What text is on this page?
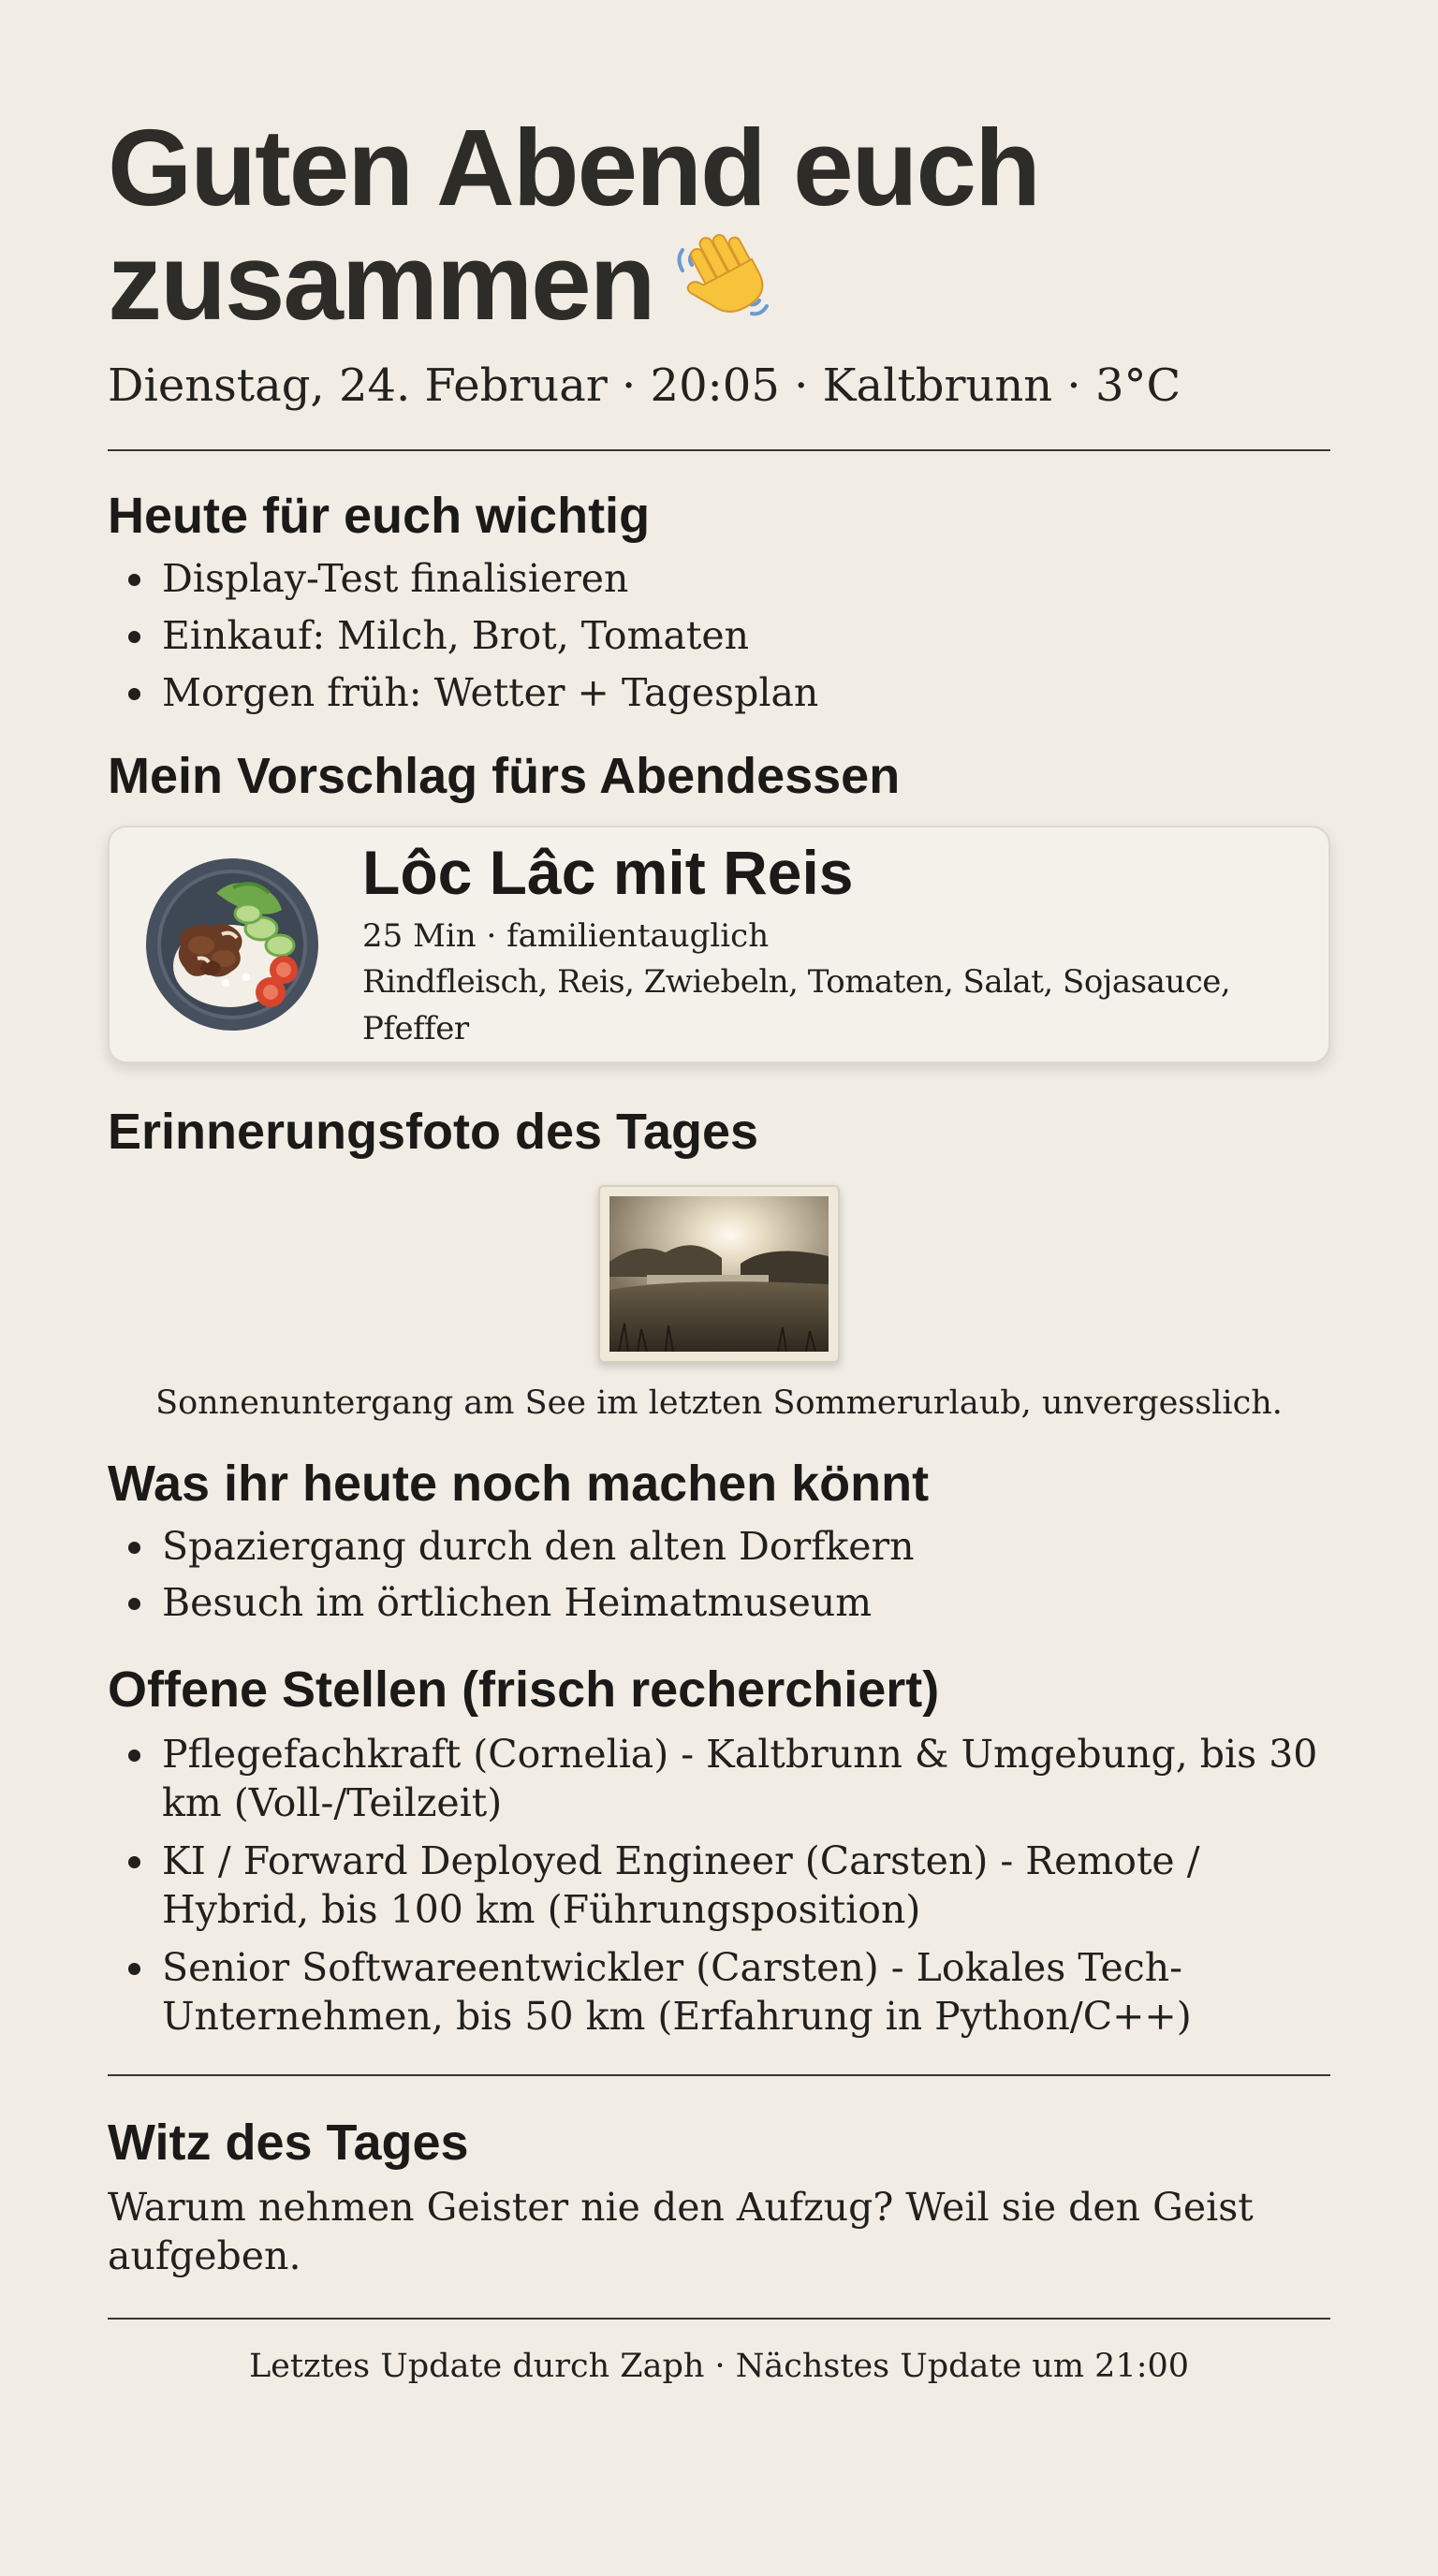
Guten Abend euch
zusammen
Dienstag, 24. Februar · 20:05 · Kaltbrunn · 3°C
Heute für euch wichtig
Display-Test finalisieren
Einkauf: Milch, Brot, Tomaten
Morgen früh: Wetter + Tagesplan
Mein Vorschlag fürs Abendessen
Lôc Lâc mit Reis
25 Min · familientauglich
Rindfleisch, Reis, Zwiebeln, Tomaten, Salat, Sojasauce, Pfeffer
Erinnerungsfoto des Tages
Sonnenuntergang am See im letzten Sommerurlaub, unvergesslich.
Was ihr heute noch machen könnt
Spaziergang durch den alten Dorfkern
Besuch im örtlichen Heimatmuseum
Offene Stellen (frisch recherchiert)
Pflegefachkraft (Cornelia) - Kaltbrunn & Umgebung, bis 30 km (Voll-/Teilzeit)
KI / Forward Deployed Engineer (Carsten) - Remote / Hybrid, bis 100 km (Führungsposition)
Senior Softwareentwickler (Carsten) - Lokales Tech-Unternehmen, bis 50 km (Erfahrung in Python/C++)
Witz des Tages
Warum nehmen Geister nie den Aufzug? Weil sie den Geist aufgeben.
Letztes Update durch Zaph · Nächstes Update um 21:00
